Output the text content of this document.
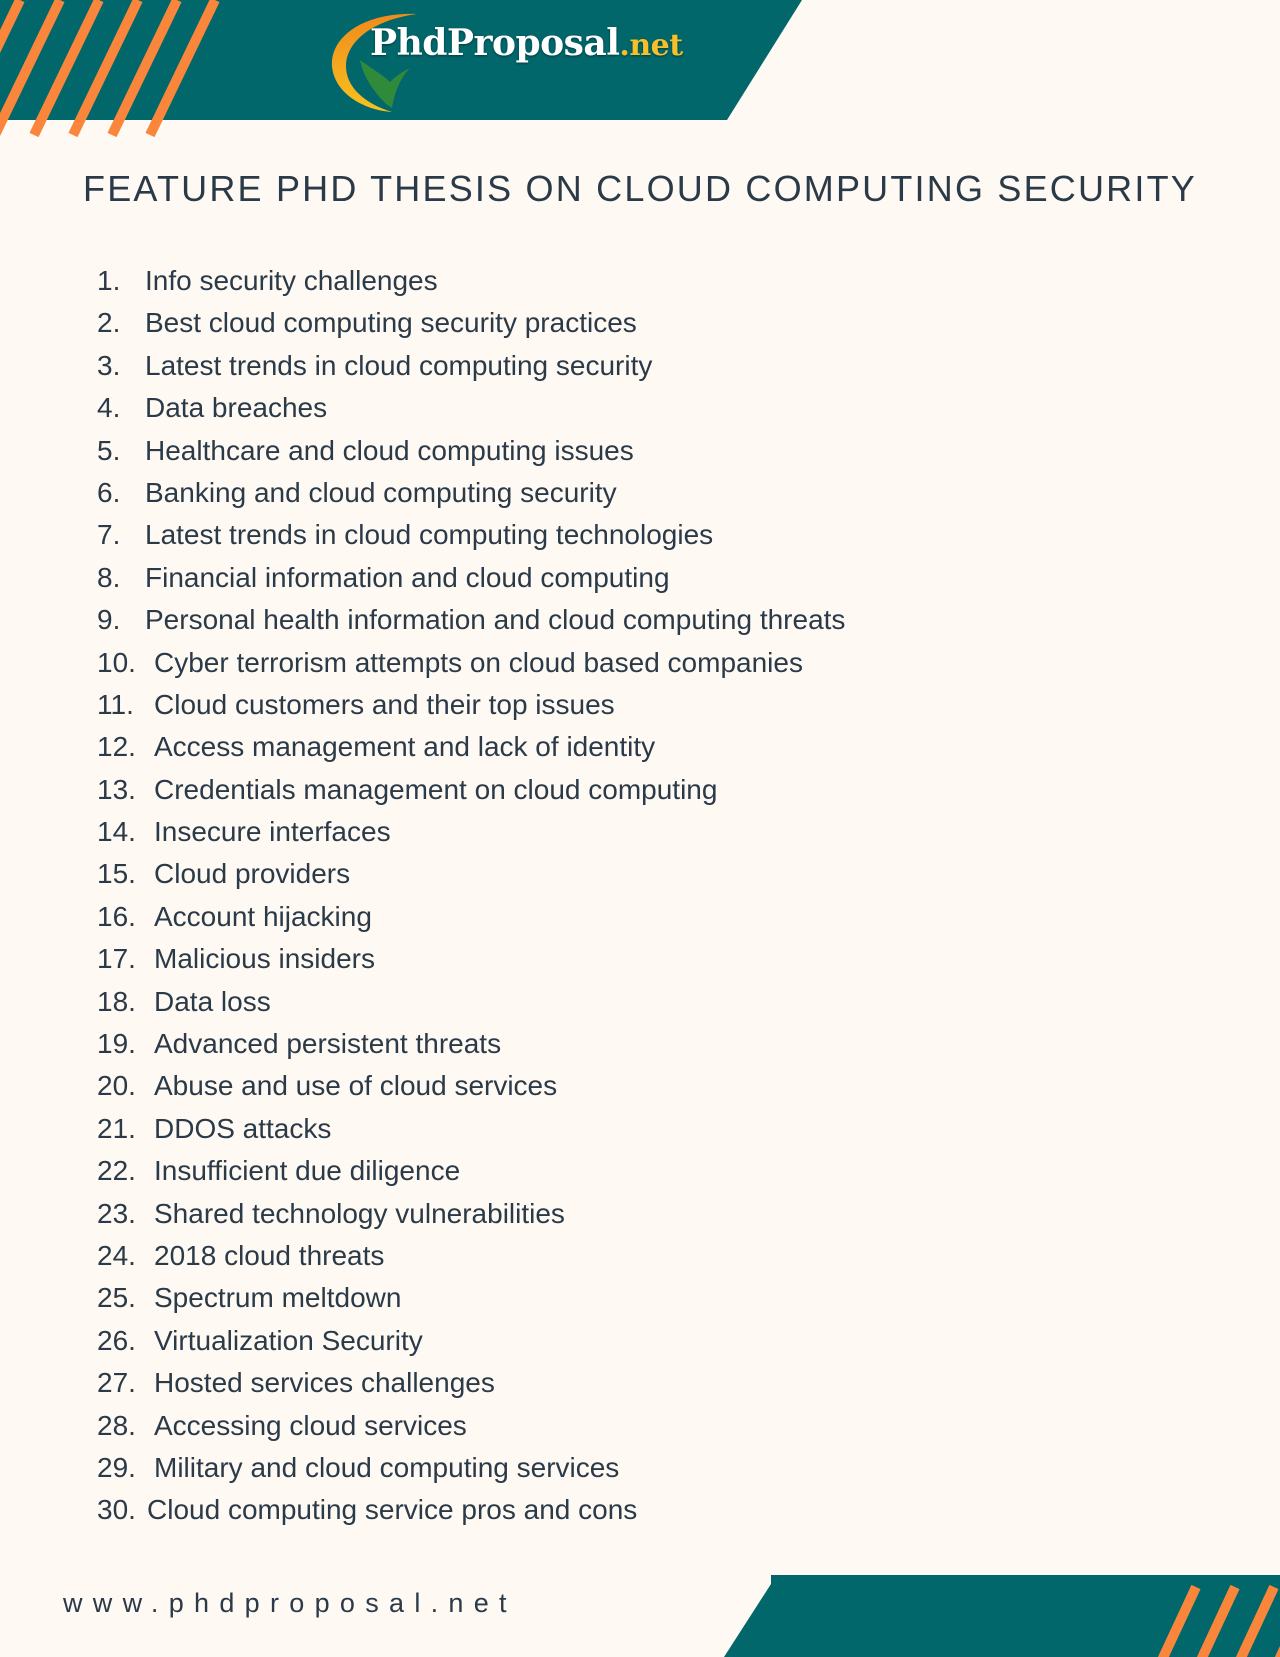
PhdProposal.net
FEATURE PHD THESIS ON CLOUD COMPUTING SECURITY
1. Info security challenges
2. Best cloud computing security practices
3. Latest trends in cloud computing security
4. Data breaches
5. Healthcare and cloud computing issues
6. Banking and cloud computing security
7. Latest trends in cloud computing technologies
8. Financial information and cloud computing
9. Personal health information and cloud computing threats
10. Cyber terrorism attempts on cloud based companies
11. Cloud customers and their top issues
12. Access management and lack of identity
13. Credentials management on cloud computing
14. Insecure interfaces
15. Cloud providers
16. Account hijacking
17. Malicious insiders
18. Data loss
19. Advanced persistent threats
20. Abuse and use of cloud services
21. DDOS attacks
22. Insufficient due diligence
23. Shared technology vulnerabilities
24. 2018 cloud threats
25. Spectrum meltdown
26. Virtualization Security
27. Hosted services challenges
28. Accessing cloud services
29. Military and cloud computing services
30. Cloud computing service pros and cons
www.phdproposal.net
